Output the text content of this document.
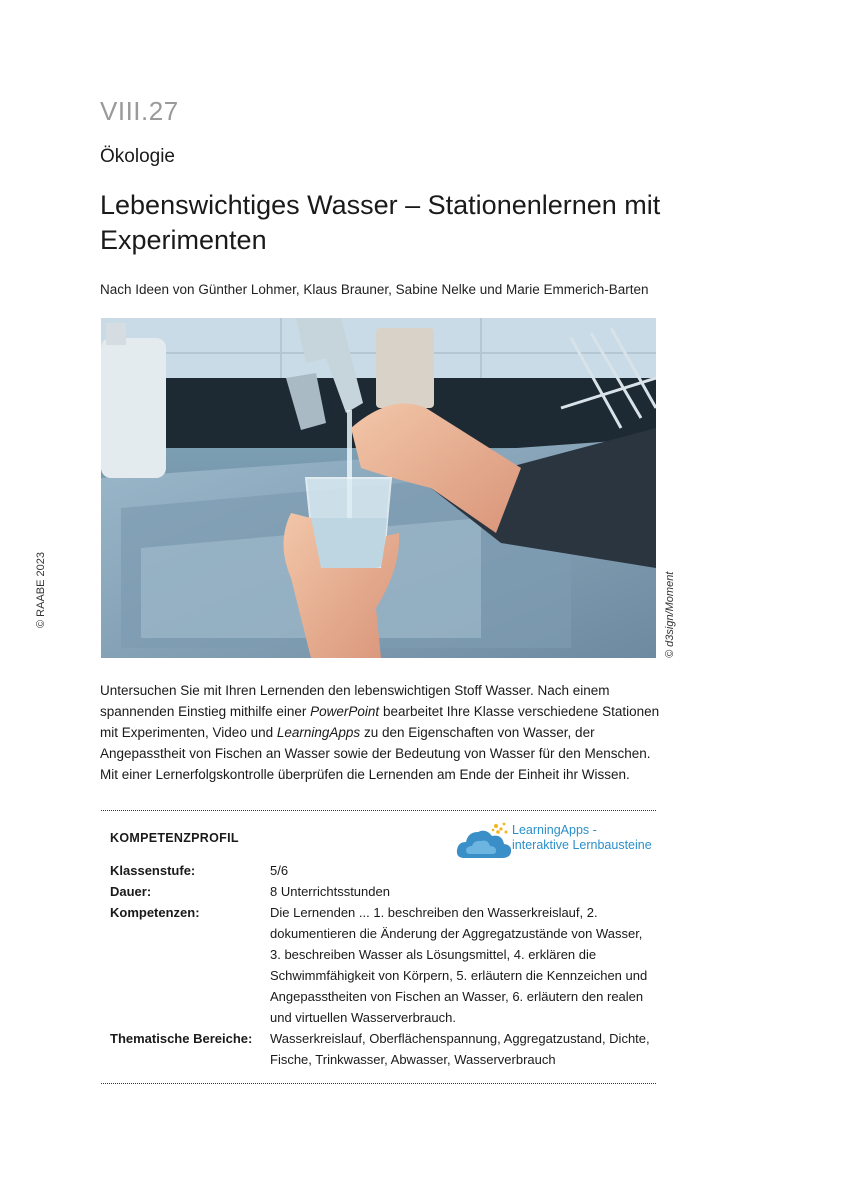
VIII.27
Ökologie
Lebenswichtiges Wasser – Stationenlernen mit Experimenten
Nach Ideen von Günther Lohmer, Klaus Brauner, Sabine Nelke und Marie Emmerich-Barten
© d3sign/Moment
© RAABE 2023
Untersuchen Sie mit Ihren Lernenden den lebenswichtigen Stoff Wasser. Nach einem spannenden Einstieg mithilfe einer PowerPoint bearbeitet Ihre Klasse verschiedene Stationen mit Experimenten, Video und LearningApps zu den Eigenschaften von Wasser, der Angepasstheit von Fischen an Wasser sowie der Bedeutung von Wasser für den Menschen. Mit einer Lernerfolgskontrolle überprüfen die Lernenden am Ende der Einheit ihr Wissen.
KOMPETENZPROFIL
LearningApps -
interaktive Lernbausteine
Klassenstufe:	5/6
Dauer:	8 Unterrichtsstunden
Kompetenzen:	Die Lernenden ... 1. beschreiben den Wasserkreislauf, 2. dokumentieren die Änderung der Aggregatzustände von Wasser, 3. beschreiben Wasser als Lösungsmittel, 4. erklären die Schwimmfähigkeit von Körpern, 5. erläutern die Kennzeichen und Angepasstheiten von Fischen an Wasser, 6. erläutern den realen und virtuellen Wasserverbrauch.
Thematische Bereiche:	Wasserkreislauf, Oberflächenspannung, Aggregatzustand, Dichte, Fische, Trinkwasser, Abwasser, Wasserverbrauch
